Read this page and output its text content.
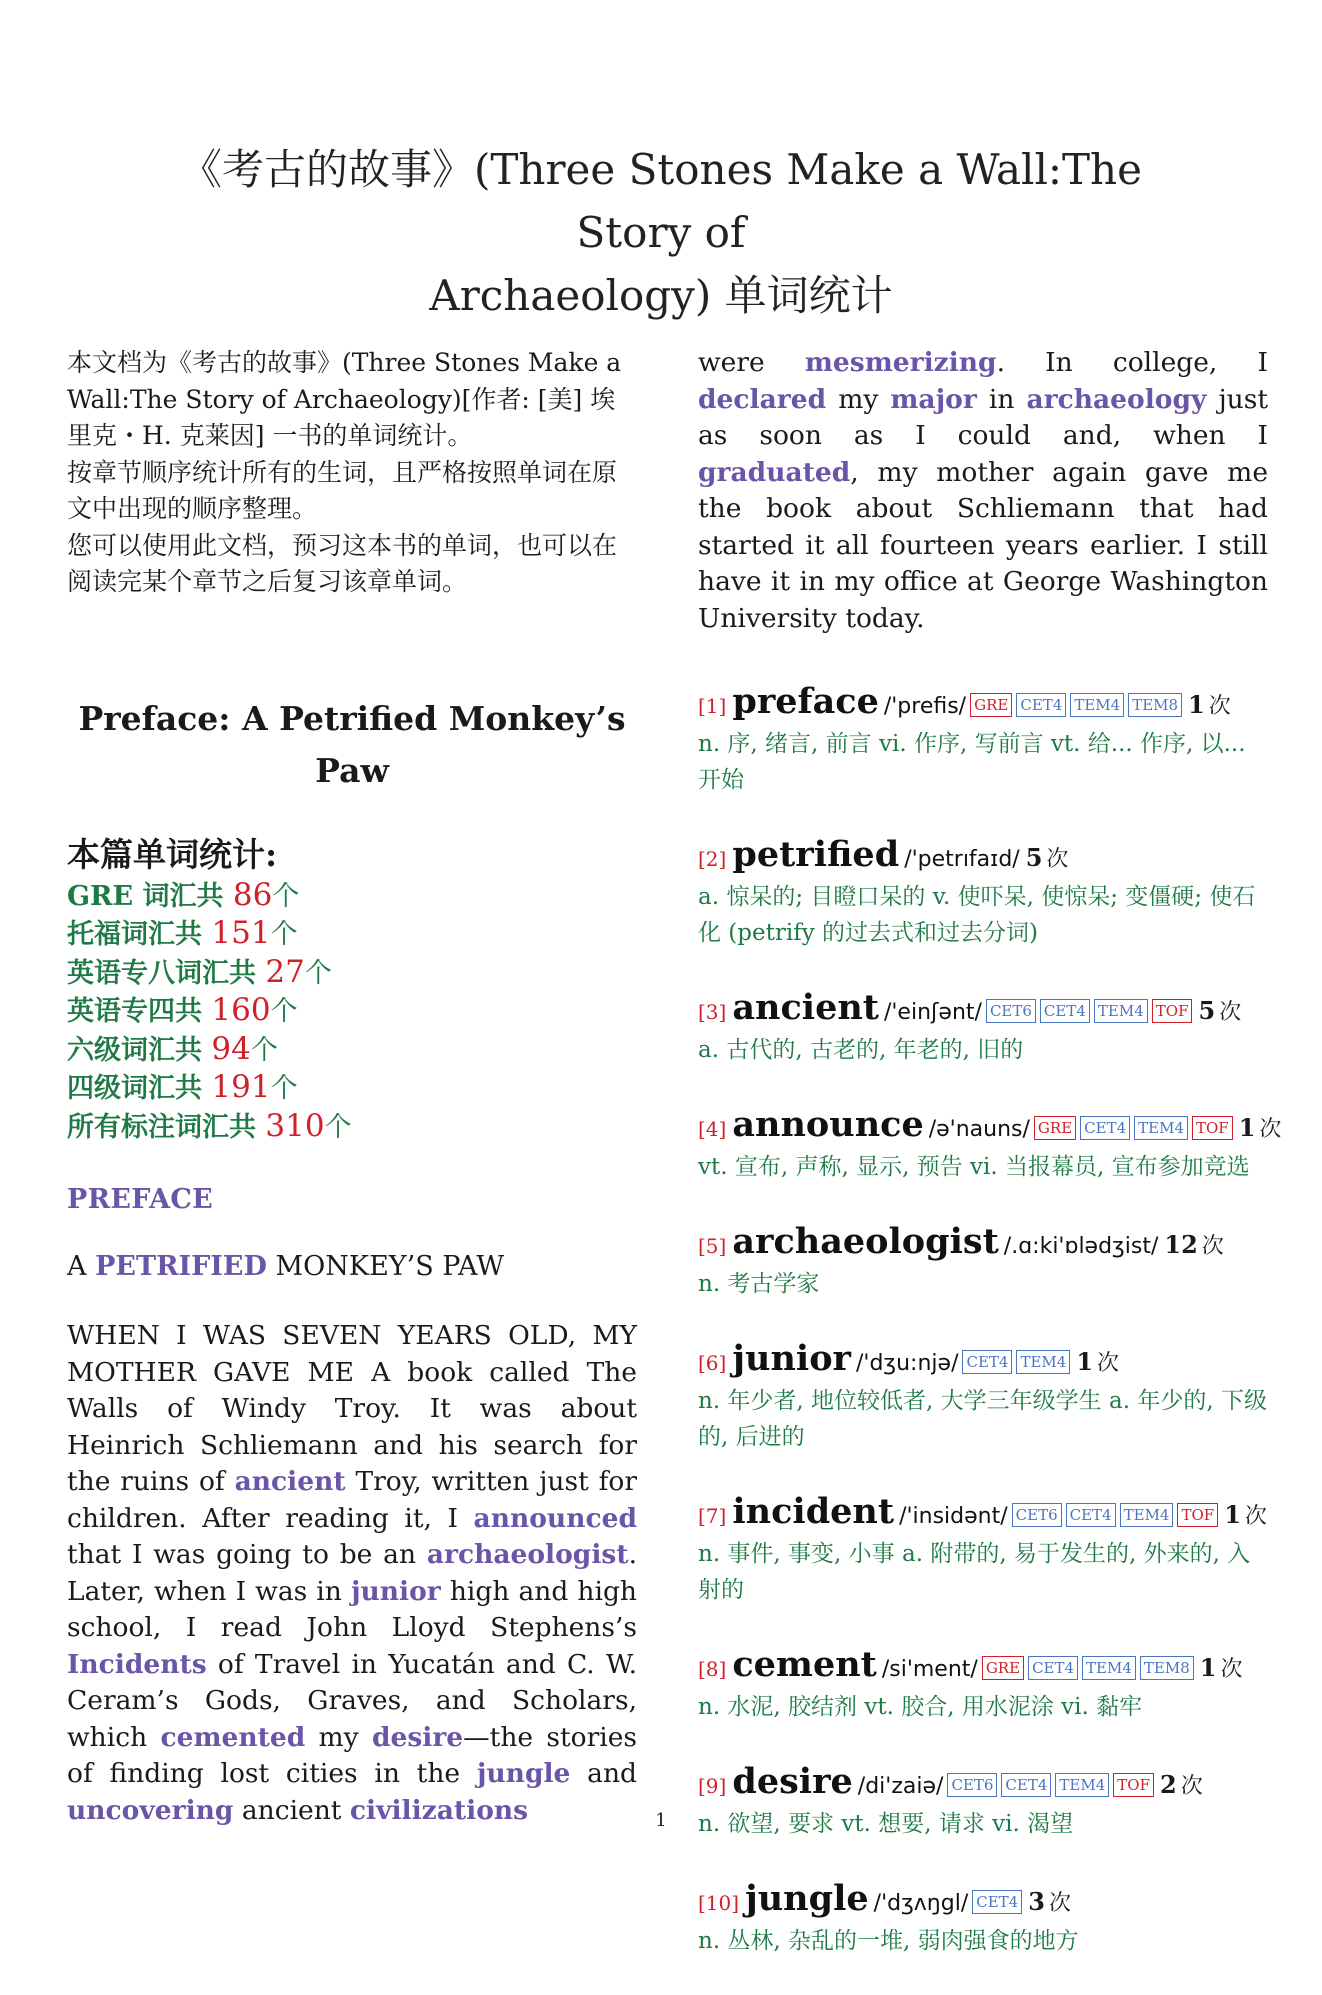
《考古的故事》(Three Stones Make a Wall:The Story of
Archaeology) 单词统计

本文档为《考古的故事》(Three Stones Make a Wall:The Story of Archaeology)[作者: [美] 埃里克・H. 克莱因] 一书的单词统计。

按章节顺序统计所有的生词，且严格按照单词在原文中出现的顺序整理。

您可以使用此文档，预习这本书的单词，也可以在阅读完某个章节之后复习该章单词。

Preface: A Petrified Monkey’s Paw
本篇单词统计:
GRE 词汇共 86个
托福词汇共 151个
英语专八词汇共 27个
英语专四共 160个
六级词汇共 94个
四级词汇共 191个
所有标注词汇共 310个
PREFACE
A PETRIFIED MONKEY’S PAW

WHEN I WAS SEVEN YEARS OLD, MY MOTHER GAVE ME A book called The Walls of Windy Troy. It was about Heinrich Schliemann and his search for the ruins of ancient Troy, written just for children. After reading it, I announced that I was going to be an archaeologist. Later, when I was in junior high and high school, I read John Lloyd Stephens’s Incidents of Travel in Yucatán and C. W. Ceram’s Gods, Graves, and Scholars, which cemented my desire—the stories of finding lost cities in the jungle and uncovering ancient civilizations

were mesmerizing. In college, I declared my major in archaeology just as soon as I could and, when I graduated, my mother again gave me the book about Schliemann that had started it all fourteen years earlier. I still have it in my office at George Washington University today.

[1] preface /'prefis/ GRE CET4 TEM4 TEM8 1 次
n. 序, 绪言, 前言 vi. 作序, 写前言 vt. 给... 作序, 以... 开始
[2] petrified /'petrıfaɪd/ 5 次
a. 惊呆的; 目瞪口呆的 v. 使吓呆, 使惊呆; 变僵硬; 使石化 (petrify 的过去式和过去分词)
[3] ancient /'einʃənt/ CET6 CET4 TEM4 TOF 5 次
a. 古代的, 古老的, 年老的, 旧的
[4] announce /ə'nauns/ GRE CET4 TEM4 TOF 1 次
vt. 宣布, 声称, 显示, 预告 vi. 当报幕员, 宣布参加竞选
[5] archaeologist /.ɑ:ki'ɒlədʒist/ 12 次
n. 考古学家
[6] junior /'dʒu:njə/ CET4 TEM4 1 次
n. 年少者, 地位较低者, 大学三年级学生 a. 年少的, 下级的, 后进的
[7] incident /'insidənt/ CET6 CET4 TEM4 TOF 1 次
n. 事件, 事变, 小事 a. 附带的, 易于发生的, 外来的, 入射的
[8] cement /si'ment/ GRE CET4 TEM4 TEM8 1 次
n. 水泥, 胶结剂 vt. 胶合, 用水泥涂 vi. 黏牢
[9] desire /di'zaiə/ CET6 CET4 TEM4 TOF 2 次
n. 欲望, 要求 vt. 想要, 请求 vi. 渴望
[10] jungle /'dʒʌŋgl/ CET4 3 次
n. 丛林, 杂乱的一堆, 弱肉强食的地方
1
